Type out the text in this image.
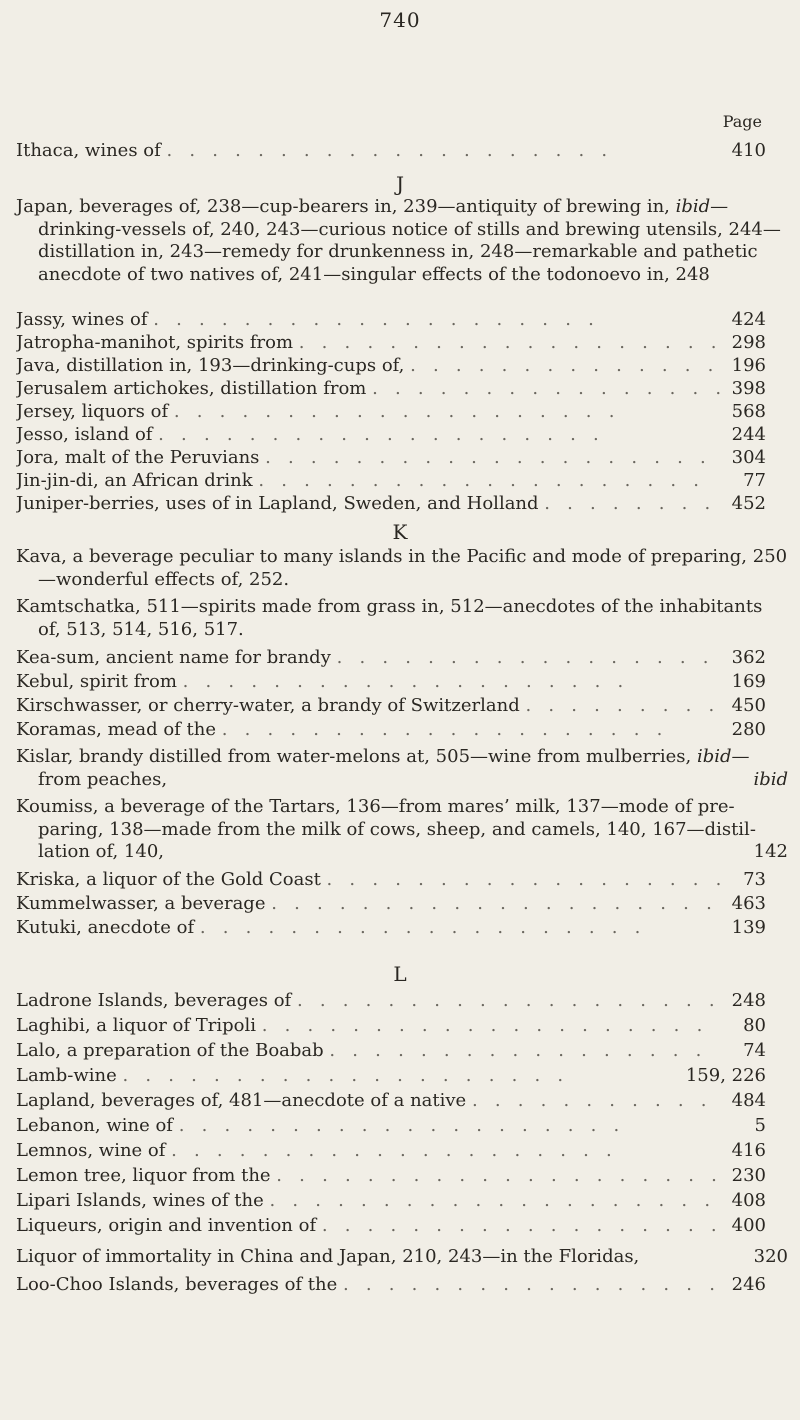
740
Page
Ithaca, wines of . .	410
J
Japan, beverages of, 238—cup-bearers in, 239—antiquity of brewing in, ibid— drinking-vessels of, 240, 243—curious notice of stills and brewing utensils, 244—distillation in, 243—remedy for drunkenness in, 248—remarkable and pathetic anecdote of two natives of, 241—singular effects of the todonoevo in, 248
Jassy, wines of . .	424
Jatropha-manihot, spirits from . .	298
Java, distillation in, 193—drinking-cups of, . .	196
Jerusalem artichokes, distillation from . .	398
Jersey, liquors of . .	568
Jesso, island of . .	244
Jora, malt of the Peruvians . .	304
Jin-jin-di, an African drink . .	77
Juniper-berries, uses of in Lapland, Sweden, and Holland . .	452
K
Kava, a beverage peculiar to many islands in the Pacific and mode of preparing, 250—wonderful effects of, 252.
Kamtschatka, 511—spirits made from grass in, 512—anecdotes of the inhabitants of, 513, 514, 516, 517.
Kea-sum, ancient name for brandy . .	362
Kebul, spirit from . .	169
Kirschwasser, or cherry-water, a brandy of Switzerland . .	450
Koramas, mead of the . .	280
Kislar, brandy distilled from water-melons at, 505—wine from mulberries, ibid— from peaches,	ibid
Koumiss, a beverage of the Tartars, 136—from mares’ milk, 137—mode of pre-paring, 138—made from the milk of cows, sheep, and camels, 140, 167—distil-lation of, 140,	142
Kriska, a liquor of the Gold Coast . .	73
Kummelwasser, a beverage . .	463
Kutuki, anecdote of . .	139
L
Ladrone Islands, beverages of . .	248
Laghibi, a liquor of Tripoli . .	80
Lalo, a preparation of the Boabab . .	74
Lamb-wine . .	159, 226
Lapland, beverages of, 481—anecdote of a native . .	484
Lebanon, wine of . .	5
Lemnos, wine of . .	416
Lemon tree, liquor from the . .	230
Lipari Islands, wines of the . .	408
Liqueurs, origin and invention of . .	400
Liquor of immortality in China and Japan, 210, 243—in the Floridas,	320
Loo-Choo Islands, beverages of the . .	246
